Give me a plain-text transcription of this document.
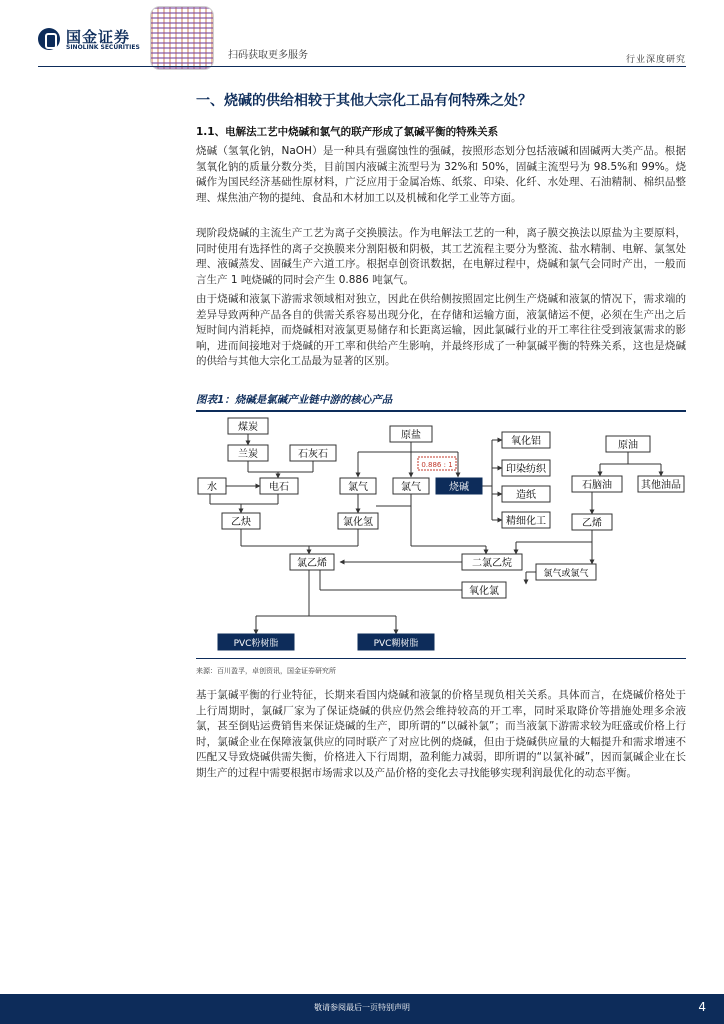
国金证券
SINOLINK SECURITIES
扫码获取更多服务	行业深度研究
一、烧碱的供给相较于其他大宗化工品有何特殊之处？
1.1、电解法工艺中烧碱和氯气的联产形成了氯碱平衡的特殊关系

烧碱（氢氧化钠，NaOH）是一种具有强腐蚀性的强碱，按照形态划分包括液碱和固碱两大类产品。根据氢氧化钠的质量分数分类，目前国内液碱主流型号为 32%和 50%，固碱主流型号为 98.5%和 99%。烧碱作为国民经济基础性原材料，广泛应用于金属冶炼、纸浆、印染、化纤、水处理、石油精制、棉织品整理、煤焦油产物的提纯、食品和木材加工以及机械和化学工业等方面。

现阶段烧碱的主流生产工艺为离子交换膜法。作为电解法工艺的一种，离子膜交换法以原盐为主要原料，同时使用有选择性的离子交换膜来分割阳极和阴极，其工艺流程主要分为整流、盐水精制、电解、氯氢处理、液碱蒸发、固碱生产六道工序。根据卓创资讯数据，在电解过程中，烧碱和氯气会同时产出，一般而言生产 1 吨烧碱的同时会产生 0.886 吨氯气。

由于烧碱和液氯下游需求领域相对独立，因此在供给侧按照固定比例生产烧碱和液氯的情况下，需求端的差异导致两种产品各自的供需关系容易出现分化，在存储和运输方面，液氯储运不便，必须在生产出之后短时间内消耗掉，而烧碱相对液氯更易储存和长距离运输，因此氯碱行业的开工率往往受到液氯需求的影响，进而间接地对于烧碱的开工率和供给产生影响，并最终形成了一种氯碱平衡的特殊关系，这也是烧碱的供给与其他大宗化工品最为显著的区别。

图表1：烧碱是氯碱产业链中游的核心产品
煤炭
兰炭	石灰石
水	电石
原盐
0.886 : 1
氯气	氯气	烧碱
氧化铝
印染纺织
造纸
精细化工
原油
石脑油	其他油品
乙炔	氯化氢	乙烯
氯乙烯	二氯乙烷
氯气或氯气
氧化氯
PVC粉树脂	PVC糊树脂
来源：百川盈孚，卓创资讯，国金证券研究所

基于氯碱平衡的行业特征，长期来看国内烧碱和液氯的价格呈现负相关关系。具体而言，在烧碱价格处于上行周期时，氯碱厂家为了保证烧碱的供应仍然会维持较高的开工率，同时采取降价等措施处理多余液氯，甚至倒贴运费销售来保证烧碱的生产，即所谓的“以碱补氯”；而当液氯下游需求较为旺盛或价格上行时，氯碱企业在保障液氯供应的同时联产了对应比例的烧碱，但由于烧碱供应量的大幅提升和需求增速不匹配又导致烧碱供需失衡，价格进入下行周期，盈利能力减弱，即所谓的“以氯补碱”，因而氯碱企业在长期生产的过程中需要根据市场需求以及产品价格的变化去寻找能够实现利润最优化的动态平衡。

敬请参阅最后一页特别声明	4
